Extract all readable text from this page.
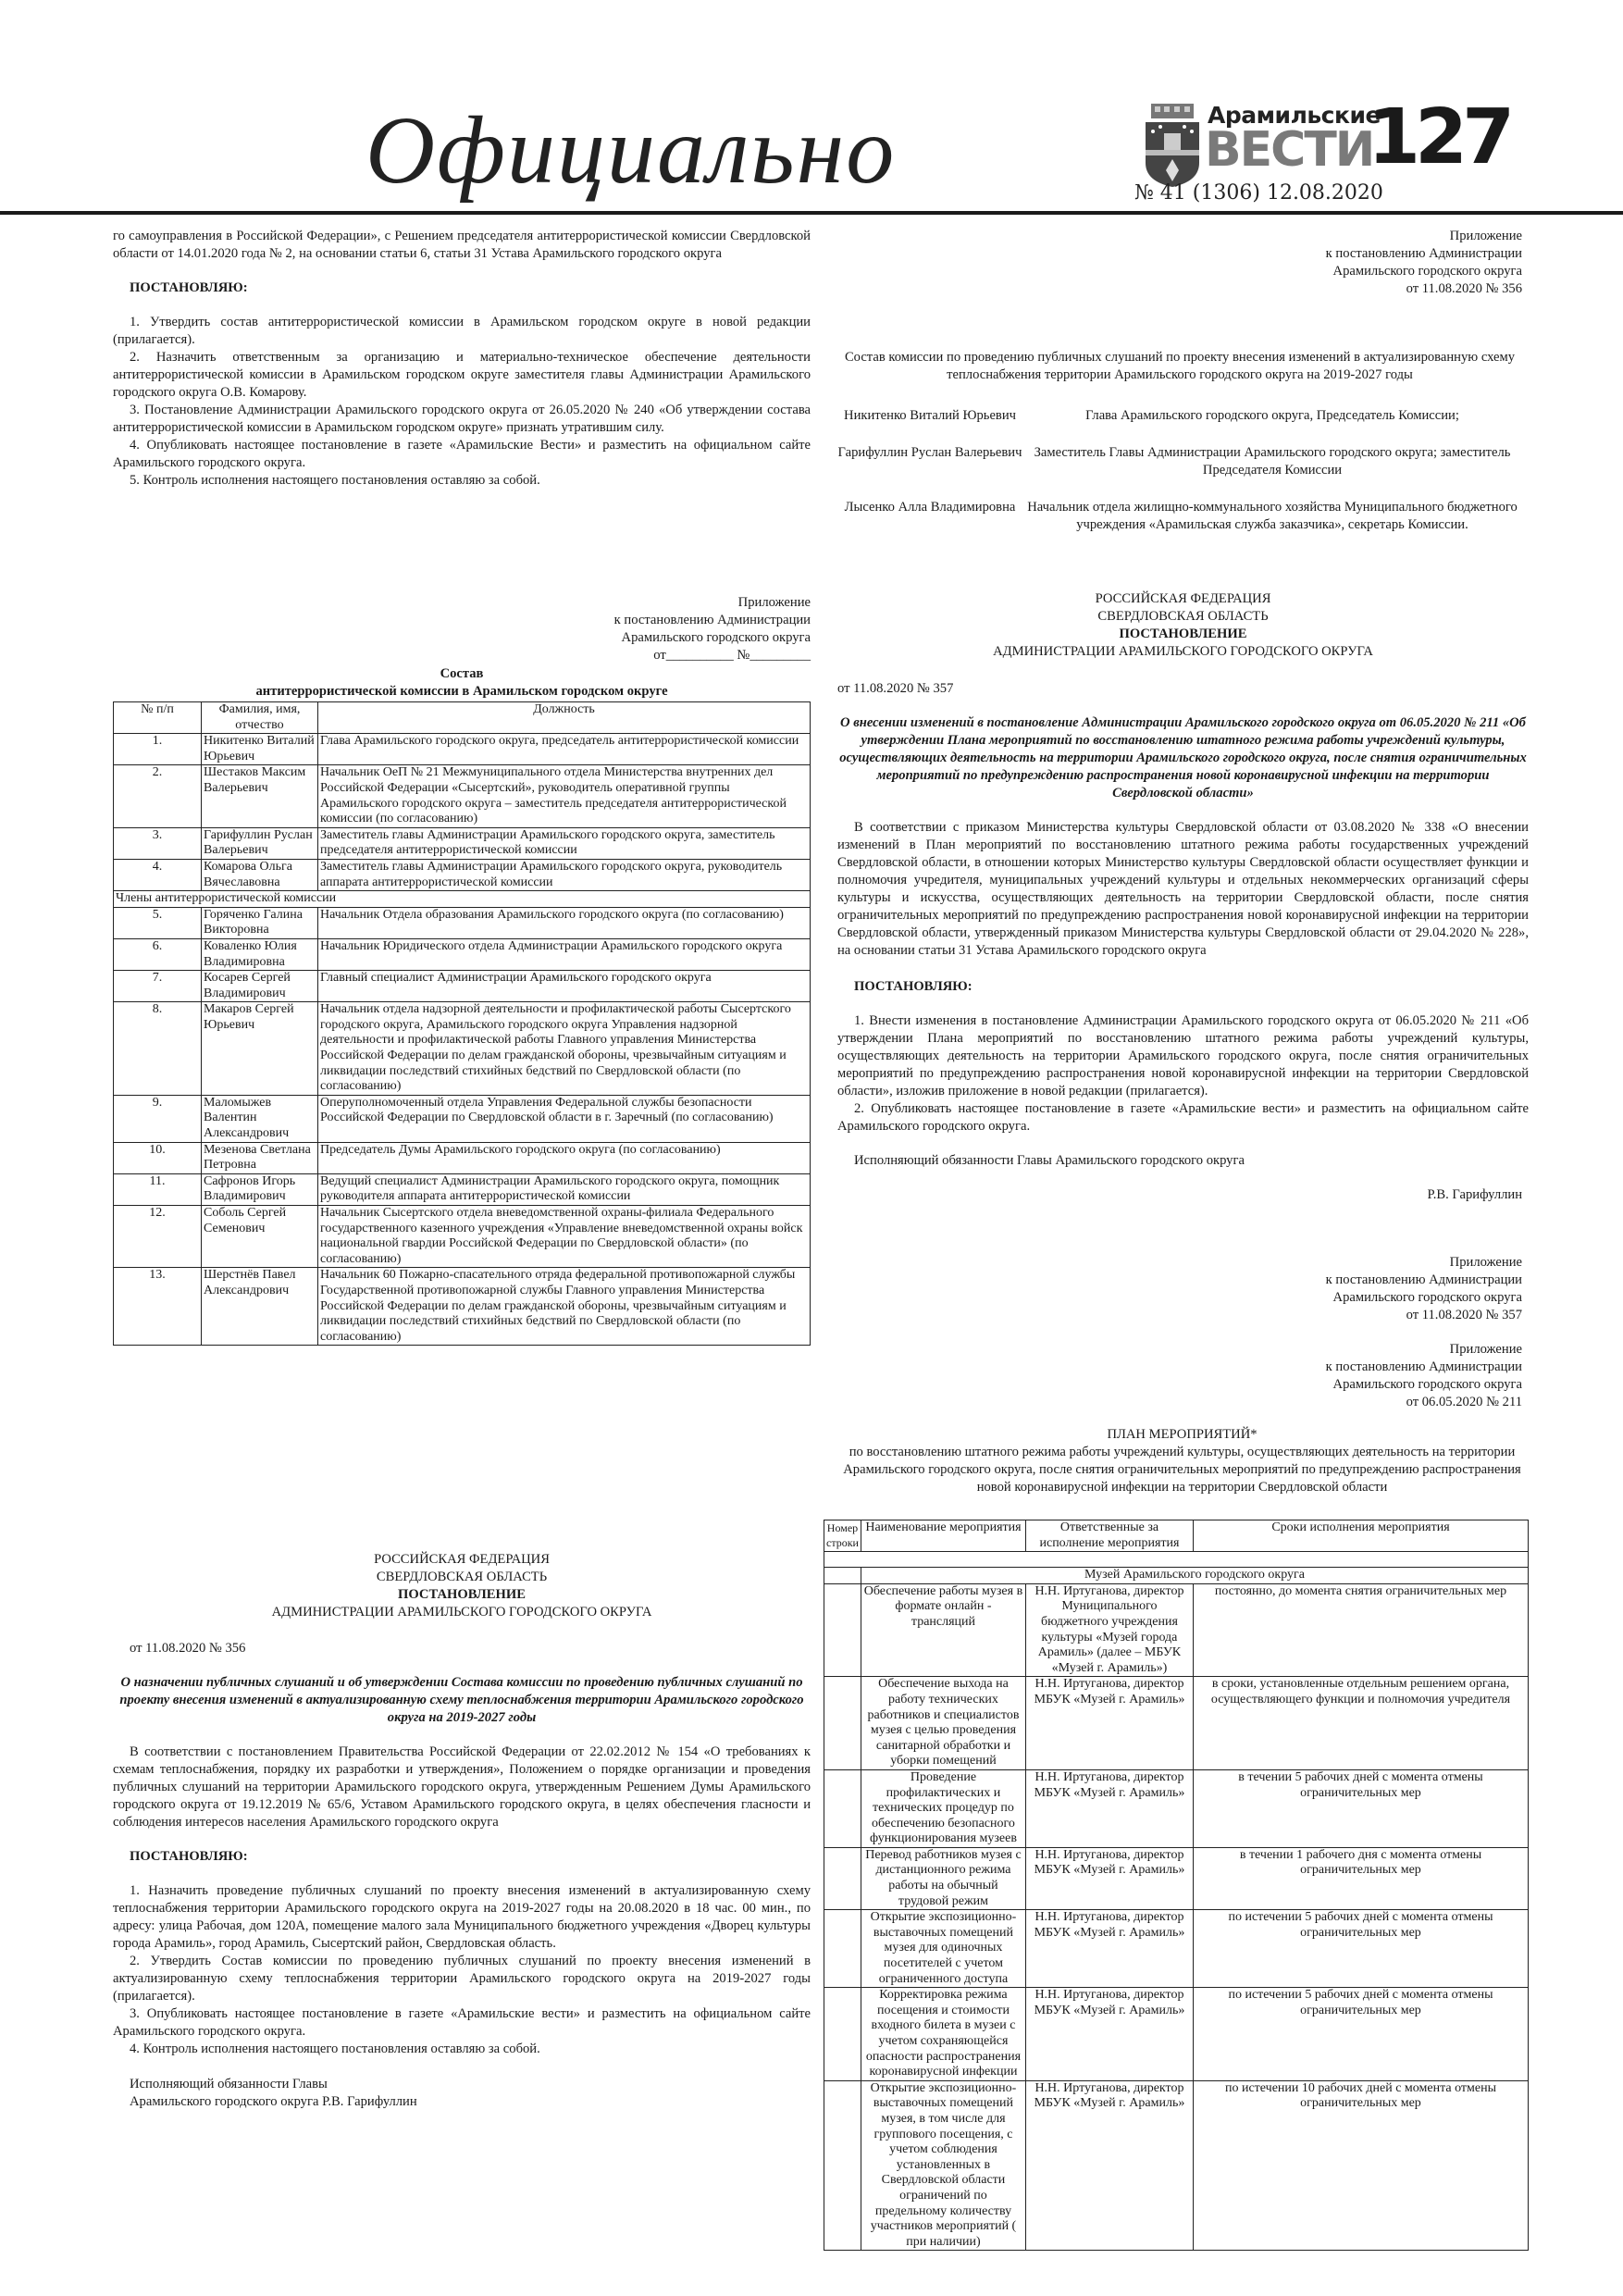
Официально	Арамильские
ВЕСТИ
127
№ 41 (1306) 12.08.2020

го самоуправления в Российской Федерации», с Решением председателя антитеррористической комиссии Свердловской области от 14.01.2020 года № 2, на основании статьи 6, статьи 31 Устава Арамильского городского округа

ПОСТАНОВЛЯЮ:

1. Утвердить состав антитеррористической комиссии в Арамильском городском округе в новой редакции (прилагается).

2. Назначить ответственным за организацию и материально-техническое обеспечение деятельности антитеррористической комиссии в Арамильском городском округе заместителя главы Администрации Арамильского городского округа О.В. Комарову.

3. Постановление Администрации Арамильского городского округа от 26.05.2020 № 240 «Об утверждении состава антитеррористической комиссии в Арамильском городском округе» признать утратившим силу.

4. Опубликовать настоящее постановление в газете «Арамильские Вести» и разместить на официальном сайте Арамильского городского округа.

5. Контроль исполнения настоящего постановления оставляю за собой.

Приложение
к постановлению Администрации
Арамильского городского округа
от__________ №_________
Состав
антитеррористической комиссии в Арамильском городском округе
№ п/п	Фамилия, имя, отчество	Должность
1.	Никитенко Виталий Юрьевич	Глава Арамильского городского округа, председатель антитеррористической комиссии
2.	Шестаков Максим Валерьевич	Начальник ОеП № 21 Межмуниципального отдела Министерства внутренних дел Российской Федерации «Сысертский», руководитель оперативной группы Арамильского городского округа – заместитель председателя антитеррористической комиссии (по согласованию)
3.	Гарифуллин Руслан Валерьевич	Заместитель главы Администрации Арамильского городского округа, заместитель председателя антитеррористической комиссии
4.	Комарова Ольга Вячеславовна	Заместитель главы Администрации Арамильского городского округа, руководитель аппарата антитеррористической комиссии
Члены антитеррористической комиссии		
5.	Горяченко Галина Викторовна	Начальник Отдела образования Арамильского городского округа (по согласованию)
6.	Коваленко Юлия Владимировна	Начальник Юридического отдела Администрации Арамильского городского округа
7.	Косарев Сергей Владимирович	Главный специалист Администрации Арамильского городского округа
8.	Макаров Сергей Юрьевич	Начальник отдела надзорной деятельности и профилактической работы Сысертского городского округа, Арамильского городского округа Управления надзорной деятельности и профилактической работы Главного управления Министерства Российской Федерации по делам гражданской обороны, чрезвычайным ситуациям и ликвидации последствий стихийных бедствий по Свердловской области (по согласованию)
9.	Маломыжев Валентин Александрович	Оперуполномоченный отдела Управления Федеральной службы безопасности Российской Федерации по Свердловской области в г. Заречный (по согласованию)
10.	Мезенова Светлана Петровна	Председатель Думы Арамильского городского округа (по согласованию)
11.	Сафронов Игорь Владимирович	Ведущий специалист Администрации Арамильского городского округа, помощник руководителя аппарата антитеррористической комиссии
12.	Соболь Сергей Семенович	Начальник Сысертского отдела вневедомственной охраны-филиала Федерального государственного казенного учреждения «Управление вневедомственной охраны войск национальной гвардии Российской Федерации по Свердловской области» (по согласованию)
13.	Шерстнёв Павел Александрович	Начальник 60 Пожарно-спасательного отряда федеральной противопожарной службы Государственной противопожарной службы Главного управления Министерства Российской Федерации по делам гражданской обороны, чрезвычайным ситуациям и ликвидации последствий стихийных бедствий по Свердловской области (по согласованию)
РОССИЙСКАЯ ФЕДЕРАЦИЯ
СВЕРДЛОВСКАЯ ОБЛАСТЬ
ПОСТАНОВЛЕНИЕ
АДМИНИСТРАЦИИ АРАМИЛЬСКОГО ГОРОДСКОГО ОКРУГА

от 11.08.2020 № 356

О назначении публичных слушаний и об утверждении Состава комиссии по проведению публичных слушаний по проекту внесения изменений в актуализированную схему теплоснабжения территории Арамильского городского округа на 2019-2027 годы

В соответствии с постановлением Правительства Российской Федерации от 22.02.2012 № 154 «О требованиях к схемам теплоснабжения, порядку их разработки и утверждения», Положением о порядке организации и проведения публичных слушаний на территории Арамильского городского округа, утвержденным Решением Думы Арамильского городского округа от 19.12.2019 № 65/6, Уставом Арамильского городского округа, в целях обеспечения гласности и соблюдения интересов населения Арамильского городского округа

ПОСТАНОВЛЯЮ:

1. Назначить проведение публичных слушаний по проекту внесения изменений в актуализированную схему теплоснабжения территории Арамильского городского округа на 2019-2027 годы на 20.08.2020 в 18 час. 00 мин., по адресу: улица Рабочая, дом 120А, помещение малого зала Муниципального бюджетного учреждения «Дворец культуры города Арамиль», город Арамиль, Сысертский район, Свердловская область.

2. Утвердить Состав комиссии по проведению публичных слушаний по проекту внесения изменений в актуализированную схему теплоснабжения территории Арамильского городского округа на 2019-2027 годы (прилагается).

3. Опубликовать настоящее постановление в газете «Арамильские вести» и разместить на официальном сайте Арамильского городского округа.

4. Контроль исполнения настоящего постановления оставляю за собой.

Исполняющий обязанности Главы
Арамильского городского округа Р.В. Гарифуллин
Приложение
к постановлению Администрации
Арамильского городского округа
от 11.08.2020 № 356

Состав комиссии по проведению публичных слушаний по проекту внесения изменений в актуализированную схему теплоснабжения территории Арамильского городского округа на 2019-2027 годы

Никитенко Виталий Юрьевич	Глава Арамильского городского округа, Председатель Комиссии;
Гарифуллин Руслан Валерьевич	Заместитель Главы Администрации Арамильского городского округа; заместитель Председателя Комиссии
Лысенко Алла Владимировна	Начальник отдела жилищно-коммунального хозяйства Муниципального бюджетного учреждения «Арамильская служба заказчика», секретарь Комиссии.
РОССИЙСКАЯ ФЕДЕРАЦИЯ
СВЕРДЛОВСКАЯ ОБЛАСТЬ
ПОСТАНОВЛЕНИЕ
АДМИНИСТРАЦИИ АРАМИЛЬСКОГО ГОРОДСКОГО ОКРУГА

от 11.08.2020 № 357

О внесении изменений в постановление Администрации Арамильского городского округа от 06.05.2020 № 211 «Об утверждении Плана мероприятий по восстановлению штатного режима работы учреждений культуры, осуществляющих деятельность на территории Арамильского городского округа, после снятия ограничительных мероприятий по предупреждению распространения новой коронавирусной инфекции на территории Свердловской области»

В соответствии с приказом Министерства культуры Свердловской области от 03.08.2020 № 338 «О внесении изменений в План мероприятий по восстановлению штатного режима работы государственных учреждений Свердловской области, в отношении которых Министерство культуры Свердловской области осуществляет функции и полномочия учредителя, муниципальных учреждений культуры и отдельных некоммерческих организаций сферы культуры и искусства, осуществляющих деятельность на территории Свердловской области, после снятия ограничительных мероприятий по предупреждению распространения новой коронавирусной инфекции на территории Свердловской области, утвержденный приказом Министерства культуры Свердловской области от 29.04.2020 № 228», на основании статьи 31 Устава Арамильского городского округа

ПОСТАНОВЛЯЮ:

1. Внести изменения в постановление Администрации Арамильского городского округа от 06.05.2020 № 211 «Об утверждении Плана мероприятий по восстановлению штатного режима работы учреждений культуры, осуществляющих деятельность на территории Арамильского городского округа, после снятия ограничительных мероприятий по предупреждению распространения новой коронавирусной инфекции на территории Свердловской области», изложив приложение в новой редакции (прилагается).

2. Опубликовать настоящее постановление в газете «Арамильские вести» и разместить на официальном сайте Арамильского городского округа.

Исполняющий обязанности Главы Арамильского городского округа

Р.В. Гарифуллин

Приложение
к постановлению Администрации
Арамильского городского округа
от 11.08.2020 № 357
Приложение
к постановлению Администрации
Арамильского городского округа
от 06.05.2020 № 211

ПЛАН МЕРОПРИЯТИЙ*

по восстановлению штатного режима работы учреждений культуры, осуществляющих деятельность на территории Арамильского городского округа, после снятия ограничительных мероприятий по предупреждению распространения новой коронавирусной инфекции на территории Свердловской области

Номер строки	Наименование мероприятия	Ответственные за исполнение мероприятия	Сроки исполнения мероприятия

	Музей Арамильского городского округа		
	Обеспечение работы музея в формате онлайн - трансляций	Н.Н. Иртуганова, директор Муниципального бюджетного учреждения культуры «Музей города Арамиль» (далее – МБУК «Музей г. Арамиль»)	постоянно, до момента снятия ограничительных мер
	Обеспечение выхода на работу технических работников и специалистов музея с целью проведения санитарной обработки и уборки помещений	Н.Н. Иртуганова, директор МБУК «Музей г. Арамиль»	в сроки, установленные отдельным решением органа, осуществляющего функции и полномочия учредителя
	Проведение профилактических и технических процедур по обеспечению безопасного функционирования музеев	Н.Н. Иртуганова, директор МБУК «Музей г. Арамиль»	в течении 5 рабочих дней с момента отмены ограничительных мер
	Перевод работников музея с дистанционного режима работы на обычный трудовой режим	Н.Н. Иртуганова, директор МБУК «Музей г. Арамиль»	в течении 1 рабочего дня с момента отмены ограничительных мер
	Открытие экспозиционно-выставочных помещений музея для одиночных посетителей с учетом ограниченного доступа	Н.Н. Иртуганова, директор МБУК «Музей г. Арамиль»	по истечении 5 рабочих дней с момента отмены ограничительных мер
	Корректировка режима посещения и стоимости входного билета в музеи с учетом сохраняющейся опасности распространения коронавирусной инфекции	Н.Н. Иртуганова, директор МБУК «Музей г. Арамиль»	по истечении 5 рабочих дней с момента отмены ограничительных мер
	Открытие экспозиционно-выставочных помещений музея, в том числе для группового посещения, с учетом соблюдения установленных в Свердловской области ограничений по предельному количеству участников мероприятий ( при наличии)	Н.Н. Иртуганова, директор МБУК «Музей г. Арамиль»	по истечении 10 рабочих дней с момента отмены ограничительных мер
